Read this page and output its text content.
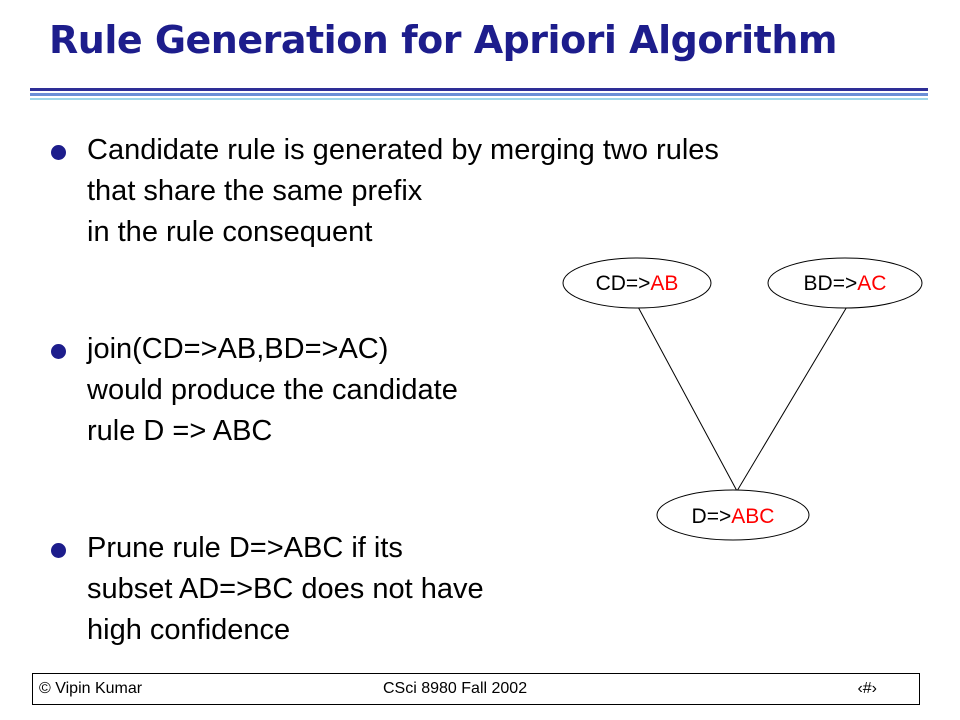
Rule Generation for Apriori Algorithm
Candidate rule is generated by merging two rules
that share the same prefix
in the rule consequent
join(CD=>AB,BD=>AC)
would produce the candidate
rule D => ABC
Prune rule D=>ABC if its
subset AD=>BC does not have
high confidence
CD=>AB	BD=>AC
D=>ABC
© Vipin Kumar	CSci 8980 Fall 2002	‹#›
